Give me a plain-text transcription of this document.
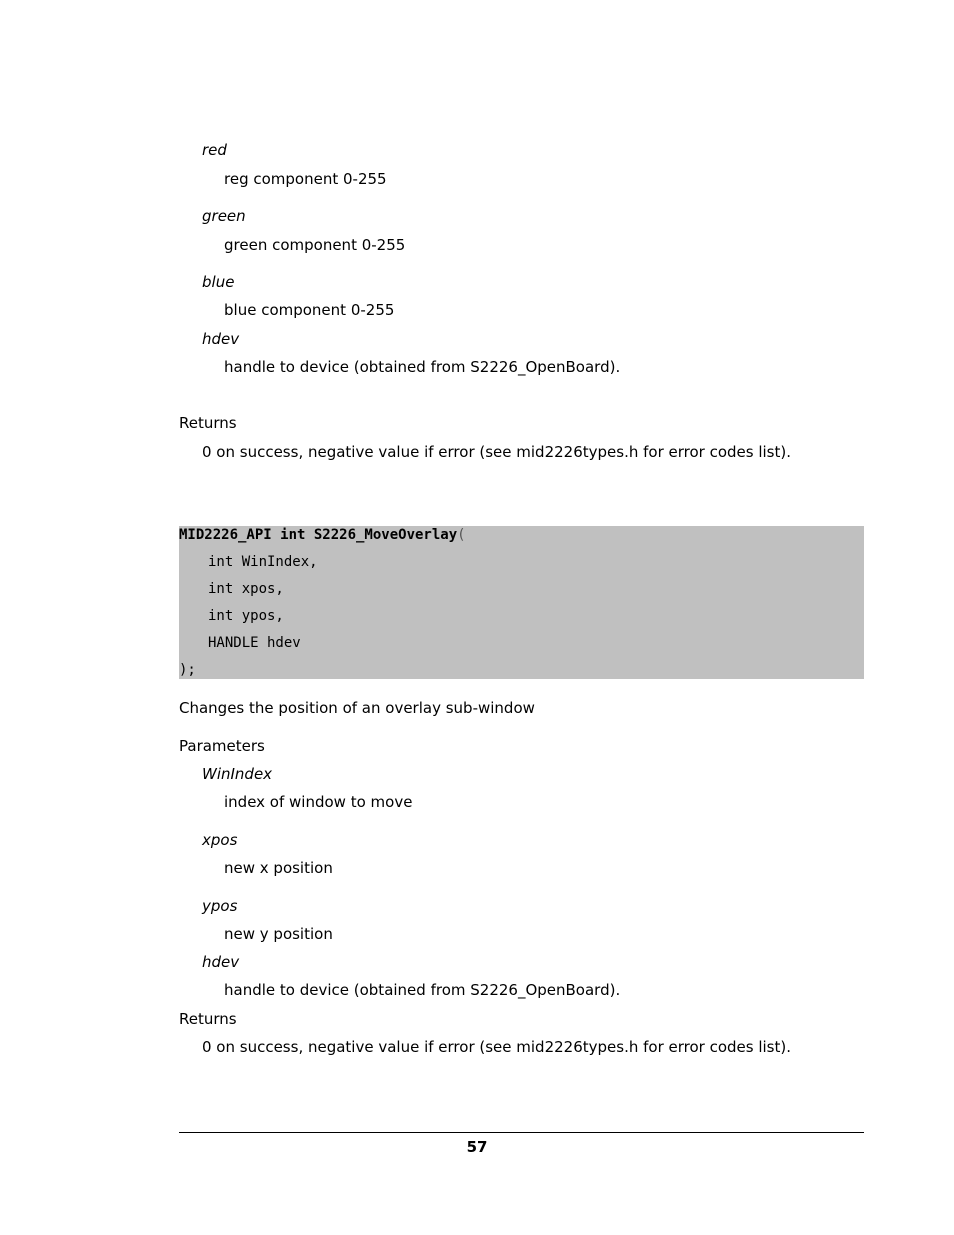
red
reg component 0-255
green
green component 0-255
blue
blue component 0-255
hdev
handle to device (obtained from S2226_OpenBoard).
Returns
0 on success, negative value if error (see mid2226types.h for error codes list).
MID2226_API int S2226_MoveOverlay(
int WinIndex,
int xpos,
int ypos,
HANDLE hdev
);
Changes the position of an overlay sub-window
Parameters
WinIndex
index of window to move
xpos
new x position
ypos
new y position
hdev
handle to device (obtained from S2226_OpenBoard).
Returns
0 on success, negative value if error (see mid2226types.h for error codes list).
57
